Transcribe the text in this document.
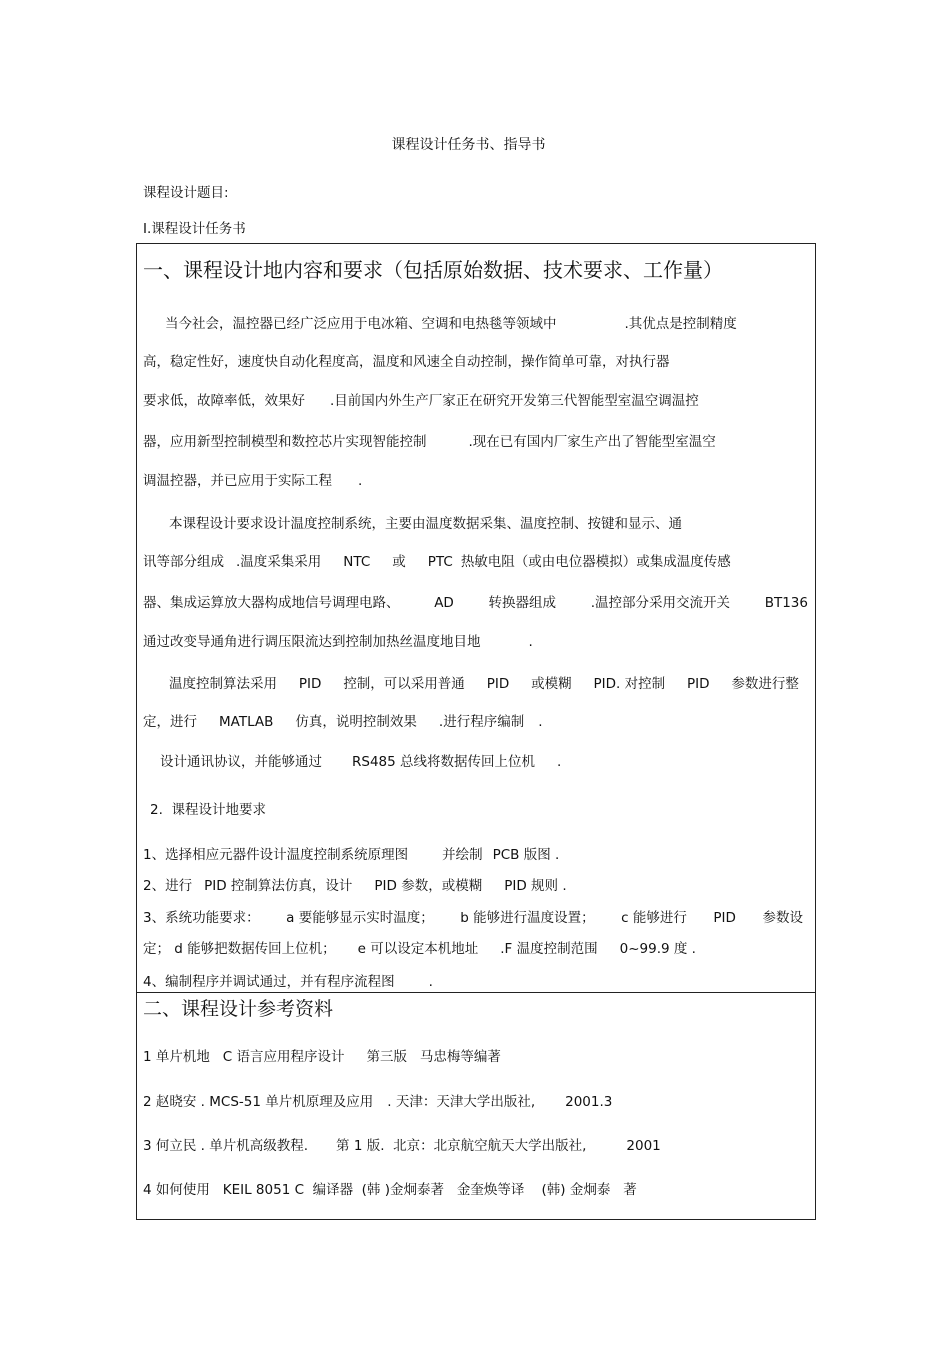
课程设计任务书、指导书
课程设计题目:
Ⅰ.课程设计任务书
一、课程设计地内容和要求（包括原始数据、技术要求、工作量）
当今社会，温控器已经广泛应用于电冰箱、空调和电热毯等领域中	.其优点是控制精度
高，稳定性好，速度快自动化程度高，温度和风速全自动控制，操作简单可靠，对执行器
要求低，故障率低，效果好 .目前国内外生产厂家正在研究开发第三代智能型室温空调温控
器，应用新型控制模型和数控芯片实现智能控制	.现在已有国内厂家生产出了智能型室温空
调温控器，并已应用于实际工程 .
本课程设计要求设计温度控制系统，主要由温度数据采集、温度控制、按键和显示、通
讯等部分组成 .温度采集采用 NTC 或 PTC 热敏电阻（或由电位器模拟）或集成温度传感
器、集成运算放大器构成地信号调理电路、	AD	转换器组成	.温控部分采用交流开关	BT136
通过改变导通角进行调压限流达到控制加热丝温度地目地	.
温度控制算法采用 PID 控制，可以采用普通 PID 或模糊 PID. 对控制 PID 参数进行整
定，进行 MATLAB 仿真，说明控制效果 .进行程序编制 .
设计通讯协议，并能够通过 RS485 总线将数据传回上位机 .
2.  课程设计地要求
1、选择相应元器件设计温度控制系统原理图	并绘制 PCB 版图 .
2、进行 PID 控制算法仿真，设计 PID 参数，或模糊 PID 规则 .
3、系统功能要求： a 要能够显示实时温度； b 能够进行温度设置； c 能够进行 PID 参数设
定； d 能够把数据传回上位机； e 可以设定本机地址 .F 温度控制范围 0~99.9 度 .
4、编制程序并调试通过，并有程序流程图	.
二、课程设计参考资料
1 单片机地   C 语言应用程序设计 第三版   马忠梅等编著
2 赵晓安 . MCS-51 单片机原理及应用 . 天津：天津大学出版社, 2001.3
3 何立民 . 单片机高级教程. 第 1 版.  北京：北京航空航天大学出版社,	2001
4 如何使用   KEIL 8051 C  编译器  (韩 )金炯泰著   金奎焕等译    (韩) 金炯泰   著
